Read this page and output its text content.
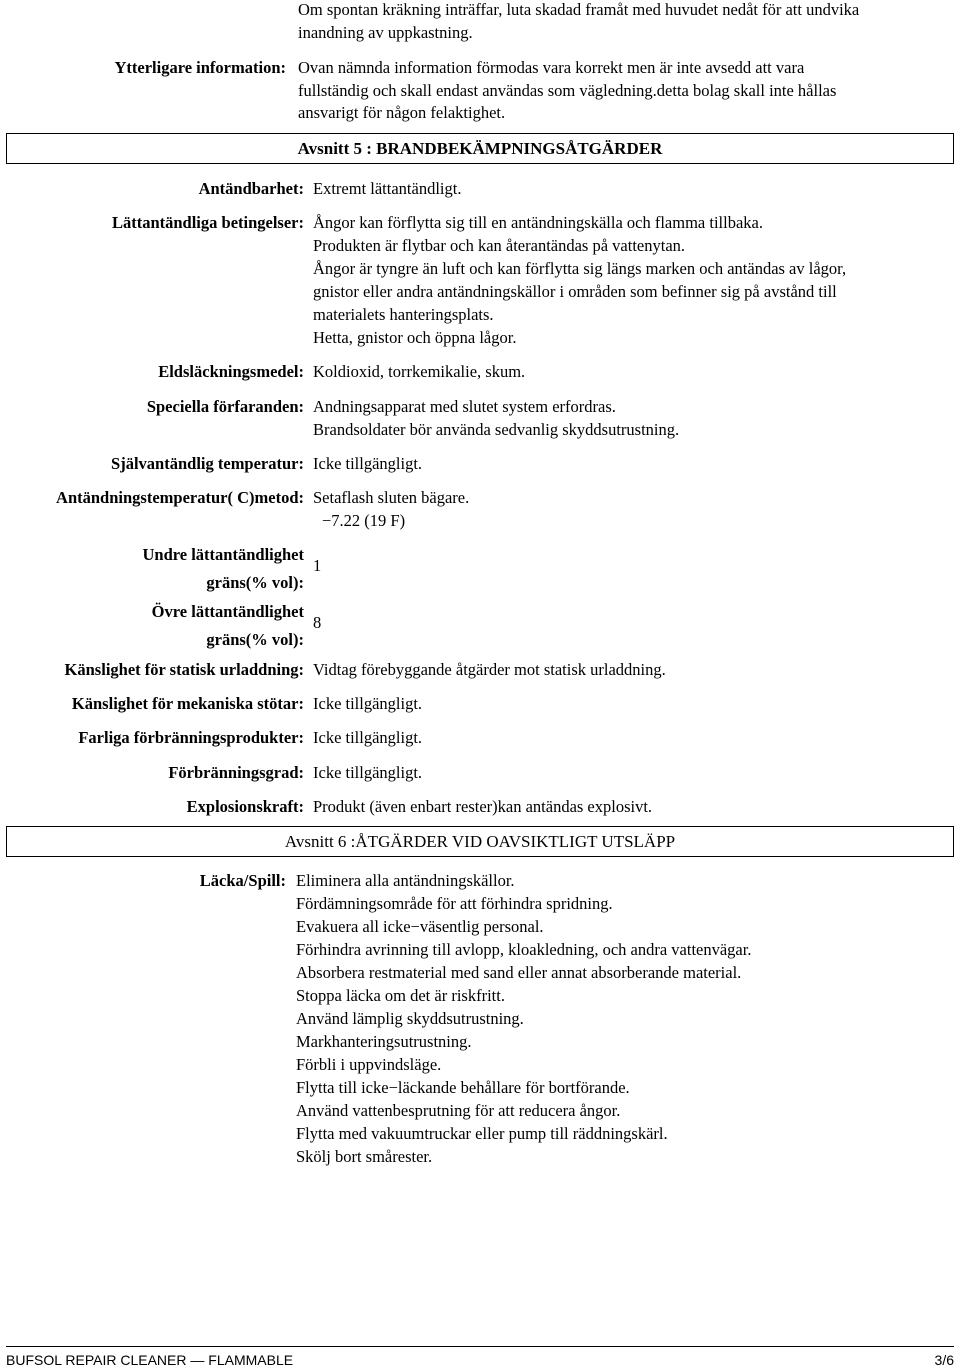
Om spontan kräkning inträffar, luta skadad framåt med huvudet nedåt för att undvika
inandning av uppkastning.
Ytterligare information: Ovan nämnda information förmodas vara korrekt men är inte avsedd att vara
fullständig och skall endast användas som vägledning.detta bolag skall inte hållas
ansvarigt för någon felaktighet.
Avsnitt 5 : BRANDBEKÄMPNINGSÅTGÄRDER
Antändbarhet: Extremt lättantändligt.
Lättantändliga betingelser: Ångor kan förflytta sig till en antändningskälla och flamma tillbaka.
Produkten är flytbar och kan återantändas på vattenytan.
Ångor är tyngre än luft och kan förflytta sig längs marken och antändas av lågor,
gnistor eller andra antändningskällor i områden som befinner sig på avstånd till
materialets hanteringsplats.
Hetta, gnistor och öppna lågor.
Eldsläckningsmedel: Koldioxid, torrkemikalie, skum.
Speciella förfaranden: Andningsapparat med slutet system erfordras.
Brandsoldater bör använda sedvanlig skyddsutrustning.
Självantändlig temperatur: Icke tillgängligt.
Antändningstemperatur( C)metod: Setaflash sluten bägare.
−7.22 (19 F)
Undre lättantändlighet
gräns(% vol):
1
Övre lättantändlighet
gräns(% vol):
8
Känslighet för statisk urladdning: Vidtag förebyggande åtgärder mot statisk urladdning.
Känslighet för mekaniska stötar: Icke tillgängligt.
Farliga förbränningsprodukter: Icke tillgängligt.
Förbränningsgrad: Icke tillgängligt.
Explosionskraft: Produkt (även enbart rester)kan antändas explosivt.
Avsnitt 6 : ÅTGÄRDER VID OAVSIKTLIGT UTSLÄPP
Läcka/Spill: Eliminera alla antändningskällor.
Fördämningsområde för att förhindra spridning.
Evakuera all icke−väsentlig personal.
Förhindra avrinning till avlopp, kloakledning, och andra vattenvägar.
Absorbera restmaterial med sand eller annat absorberande material.
Stoppa läcka om det är riskfritt.
Använd lämplig skyddsutrustning.
Markhanteringsutrustning.
Förbli i uppvindsläge.
Flytta till icke−läckande behållare för bortförande.
Använd vattenbesprutning för att reducera ångor.
Flytta med vakuumtruckar eller pump till räddningskärl.
Skölj bort smårester.
BUFSOL REPAIR CLEANER — FLAMMABLE	3/6
